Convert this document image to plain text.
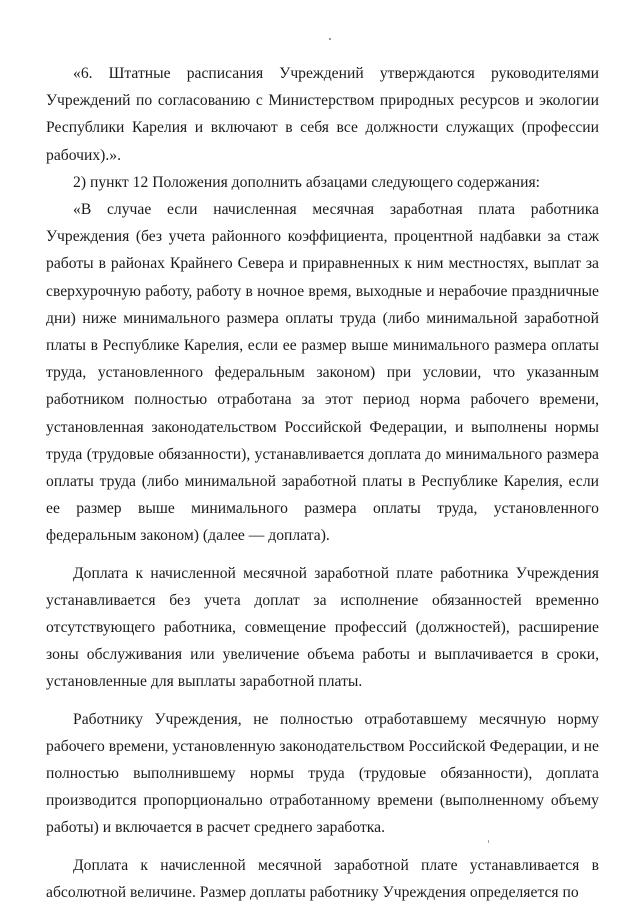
«6. Штатные расписания Учреждений утверждаются руководителями Учреждений по согласованию с Министерством природных ресурсов и экологии Республики Карелия и включают в себя все должности служащих (профессии рабочих).».

2) пункт 12 Положения дополнить абзацами следующего содержания:

«В случае если начисленная месячная заработная плата работника Учреждения (без учета районного коэффициента, процентной надбавки за стаж работы в районах Крайнего Севера и приравненных к ним местностях, выплат за сверхурочную работу, работу в ночное время, выходные и нерабочие праздничные дни) ниже минимального размера оплаты труда (либо минимальной заработной платы в Республике Карелия, если ее размер выше минимального размера оплаты труда, установленного федеральным законом) при условии, что указанным работником полностью отработана за этот период норма рабочего времени, установленная законодательством Российской Федерации, и выполнены нормы труда (трудовые обязанности), устанавливается доплата до минимального размера оплаты труда (либо минимальной заработной платы в Республике Карелия, если ее размер выше минимального размера оплаты труда, установленного федеральным законом) (далее — доплата).

Доплата к начисленной месячной заработной плате работника Учреждения устанавливается без учета доплат за исполнение обязанностей временно отсутствующего работника, совмещение профессий (должностей), расширение зоны обслуживания или увеличение объема работы и выплачивается в сроки, установленные для выплаты заработной платы.

Работнику Учреждения, не полностью отработавшему месячную норму рабочего времени, установленную законодательством Российской Федерации, и не полностью выполнившему нормы труда (трудовые обязанности), доплата производится пропорционально отработанному времени (выполненному объему работы) и включается в расчет среднего заработка.

Доплата к начисленной месячной заработной плате устанавливается в абсолютной величине. Размер доплаты работнику Учреждения определяется по
